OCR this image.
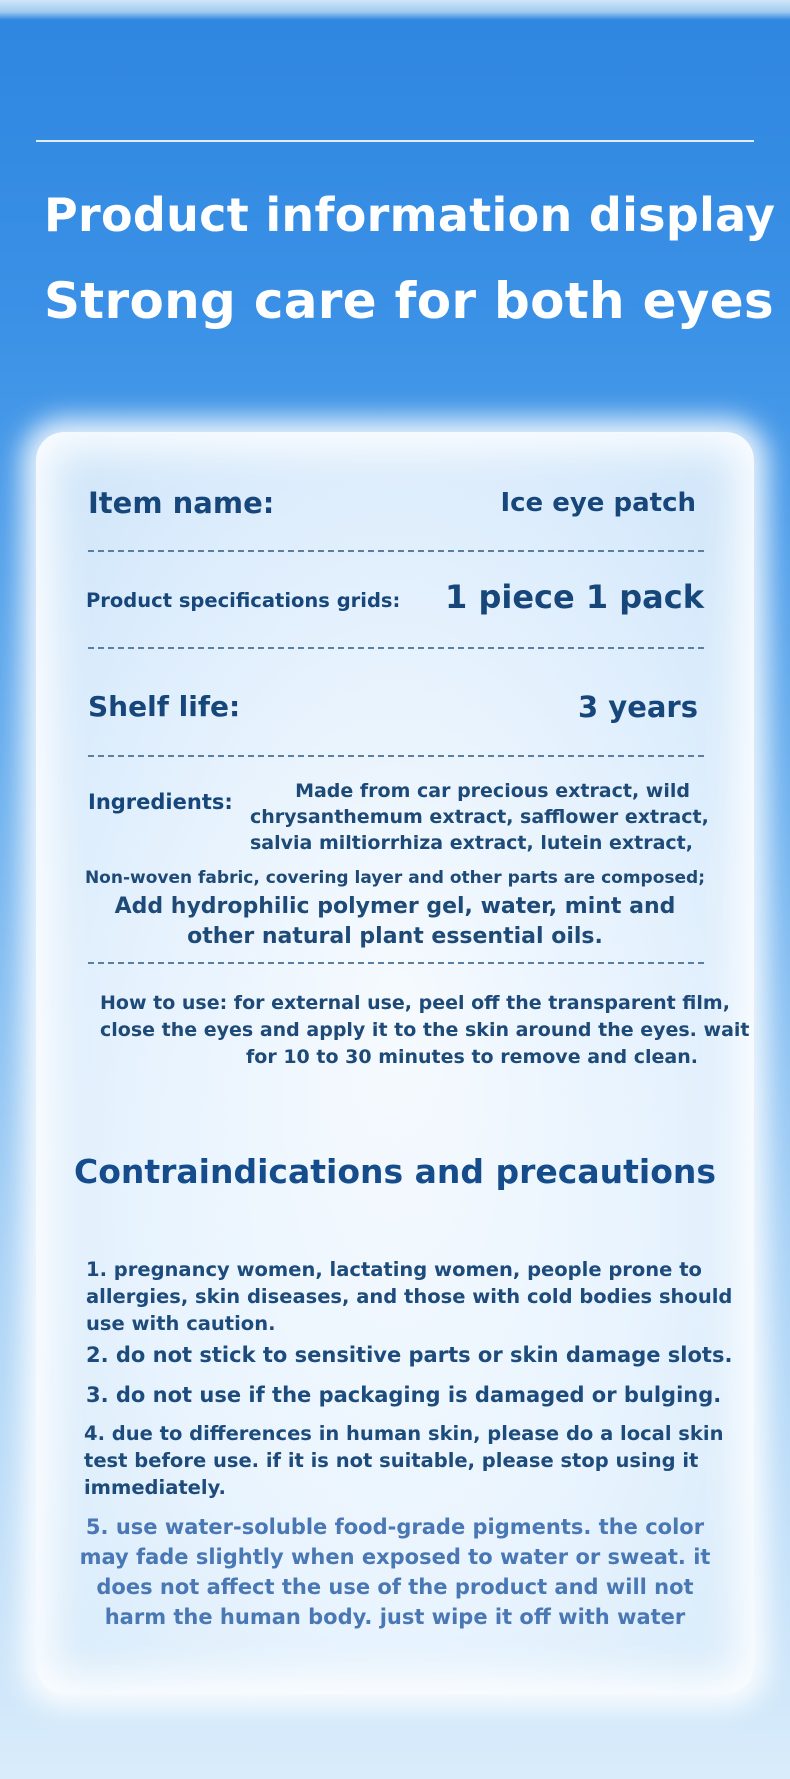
Product information display
Strong care for both eyes
Item name:	Ice eye patch
Product specifications grids: 1 piece 1 pack
Shelf life:	3 years
Ingredients:	Made from car precious extract, wild
chrysanthemum extract, safflower extract,
salvia miltiorrhiza extract, lutein extract,
Non-woven fabric, covering layer and other parts are composed;
Add hydrophilic polymer gel, water, mint and
other natural plant essential oils.
How to use: for external use, peel off the transparent film,
close the eyes and apply it to the skin around the eyes. wait
for 10 to 30 minutes to remove and clean.
Contraindications and precautions
1. pregnancy women, lactating women, people prone to
allergies, skin diseases, and those with cold bodies should
use with caution.
2. do not stick to sensitive parts or skin damage slots.
3. do not use if the packaging is damaged or bulging.
4. due to differences in human skin, please do a local skin
test before use. if it is not suitable, please stop using it
immediately.
5. use water-soluble food-grade pigments. the color
may fade slightly when exposed to water or sweat. it
does not affect the use of the product and will not
harm the human body. just wipe it off with water
